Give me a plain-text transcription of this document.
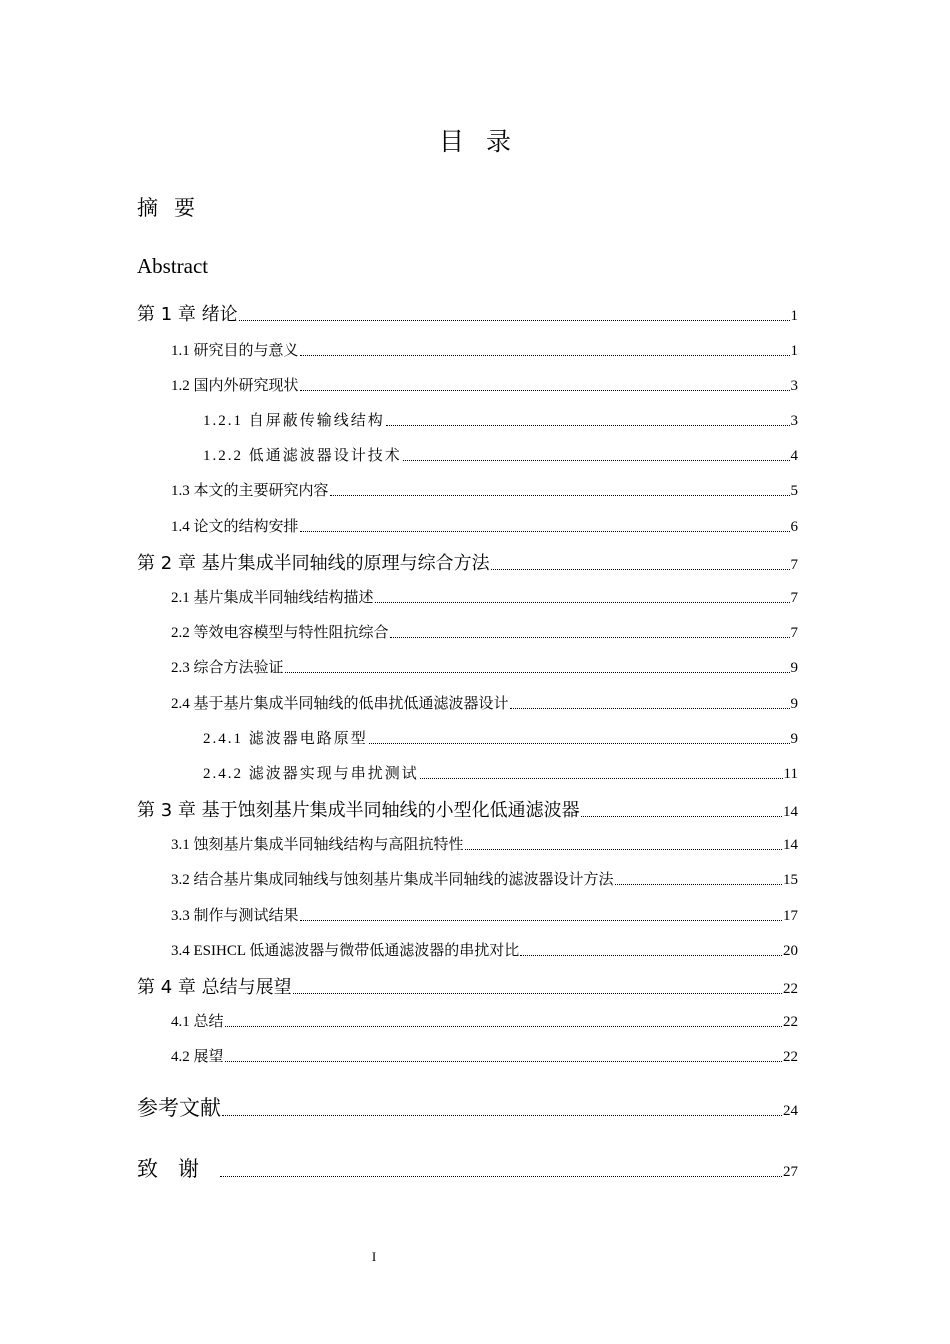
目录
摘要
Abstract
第 1 章 绪论	1
1.1 研究目的与意义	1
1.2 国内外研究现状	3
1.2.1 自屏蔽传输线结构	3
1.2.2 低通滤波器设计技术	4
1.3 本文的主要研究内容	5
1.4 论文的结构安排	6
第 2 章 基片集成半同轴线的原理与综合方法	7
2.1 基片集成半同轴线结构描述	7
2.2 等效电容模型与特性阻抗综合	7
2.3 综合方法验证	9
2.4 基于基片集成半同轴线的低串扰低通滤波器设计	9
2.4.1 滤波器电路原型	9
2.4.2 滤波器实现与串扰测试	11
第 3 章 基于蚀刻基片集成半同轴线的小型化低通滤波器	14
3.1 蚀刻基片集成半同轴线结构与高阻抗特性	14
3.2 结合基片集成同轴线与蚀刻基片集成半同轴线的滤波器设计方法	15
3.3 制作与测试结果	17
3.4 ESIHCL 低通滤波器与微带低通滤波器的串扰对比	20
第 4 章 总结与展望	22
4.1 总结	22
4.2 展望	22
参考文献	24
致谢	27
I
